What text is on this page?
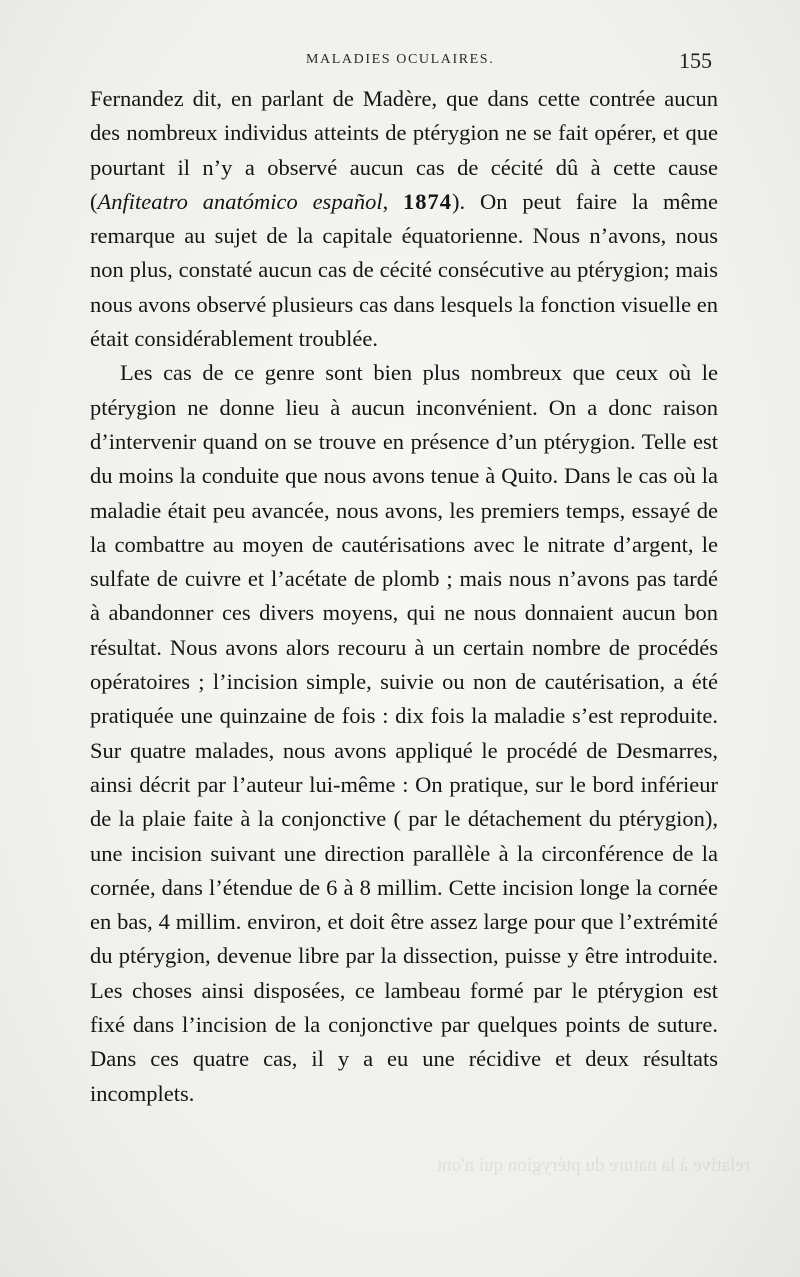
MALADIES OCULAIRES.	155

Fernandez dit, en parlant de Madère, que dans cette contrée aucun des nombreux individus atteints de ptérygion ne se fait opérer, et que pourtant il n’y a observé aucun cas de cécité dû à cette cause (Anfiteatro anatómico español, 1874). On peut faire la même remarque au sujet de la capitale équatorienne. Nous n’avons, nous non plus, constaté aucun cas de cécité consécutive au ptérygion; mais nous avons observé plusieurs cas dans lesquels la fonction visuelle en était considérablement troublée.

Les cas de ce genre sont bien plus nombreux que ceux où le ptérygion ne donne lieu à aucun inconvénient. On a donc raison d’intervenir quand on se trouve en présence d’un ptérygion. Telle est du moins la conduite que nous avons tenue à Quito. Dans le cas où la maladie était peu avancée, nous avons, les premiers temps, essayé de la combattre au moyen de cautérisations avec le nitrate d’argent, le sulfate de cuivre et l’acétate de plomb ; mais nous n’avons pas tardé à abandonner ces divers moyens, qui ne nous donnaient aucun bon résultat. Nous avons alors recouru à un certain nombre de procédés opératoires ; l’incision simple, suivie ou non de cautérisation, a été pratiquée une quinzaine de fois : dix fois la maladie s’est reproduite. Sur quatre malades, nous avons appliqué le procédé de Desmarres, ainsi décrit par l’auteur lui-même : On pratique, sur le bord inférieur de la plaie faite à la conjonctive ( par le détachement du ptérygion), une incision suivant une direction parallèle à la circonférence de la cornée, dans l’étendue de 6 à 8 millim. Cette incision longe la cornée en bas, 4 millim. environ, et doit être assez large pour que l’extrémité du ptérygion, devenue libre par la dissection, puisse y être introduite. Les choses ainsi disposées, ce lambeau formé par le ptérygion est fixé dans l’incision de la conjonctive par quelques points de suture. Dans ces quatre cas, il y a eu une récidive et deux résultats incomplets.

relative à la nature du ptérygion qui n'ont
